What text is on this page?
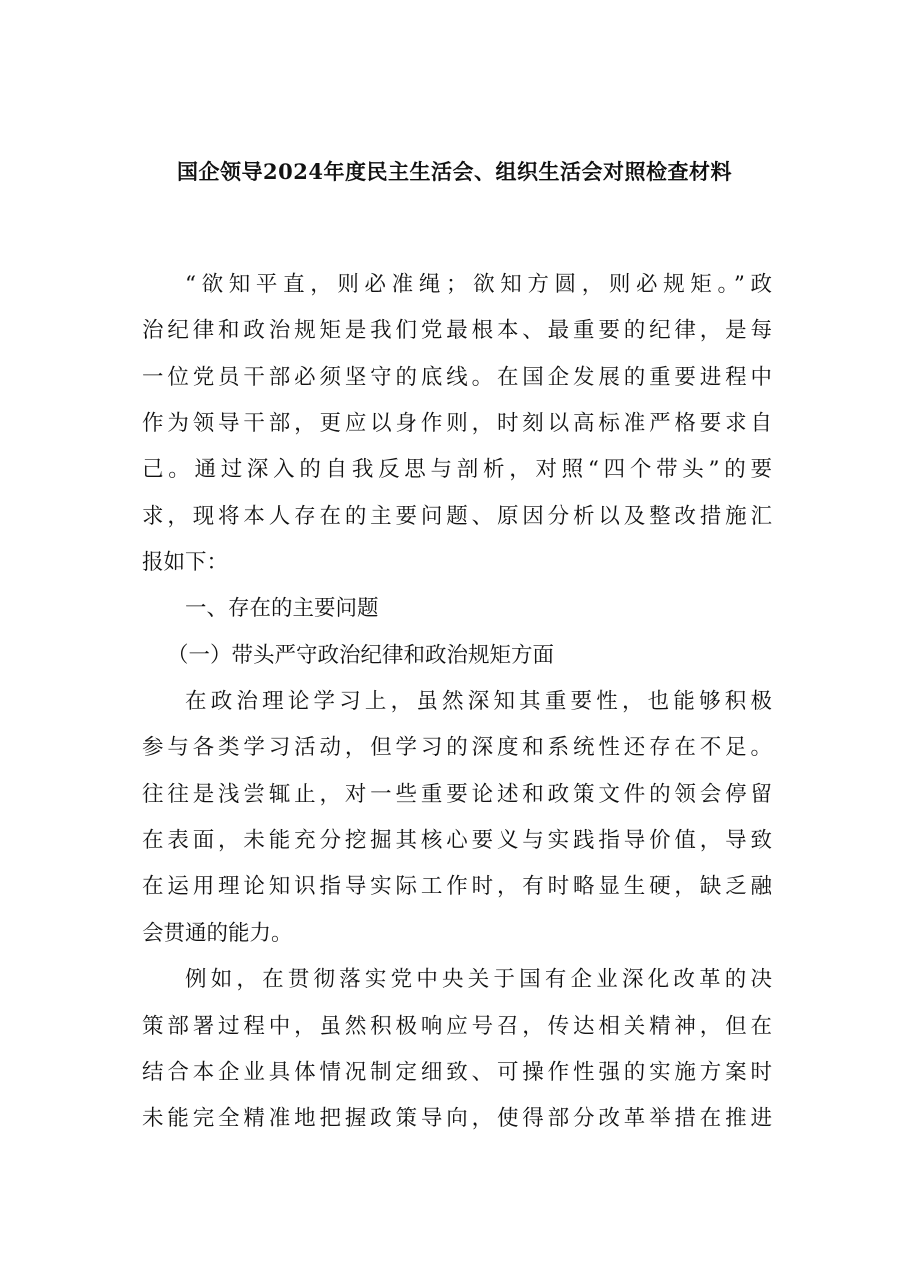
国企领导2024年度民主生活会、组织生活会对照检查材料
“欲知平直，则必准绳；欲知方圆，则必规矩。”政
治纪律和政治规矩是我们党最根本、最重要的纪律，是每
一位党员干部必须坚守的底线。在国企发展的重要进程中
作为领导干部，更应以身作则，时刻以高标准严格要求自
己。通过深入的自我反思与剖析，对照“四个带头”的要
求，现将本人存在的主要问题、原因分析以及整改措施汇
报如下：
一、存在的主要问题
（一）带头严守政治纪律和政治规矩方面
在政治理论学习上，虽然深知其重要性，也能够积极
参与各类学习活动，但学习的深度和系统性还存在不足。
往往是浅尝辄止，对一些重要论述和政策文件的领会停留
在表面，未能充分挖掘其核心要义与实践指导价值，导致
在运用理论知识指导实际工作时，有时略显生硬，缺乏融
会贯通的能力。
例如，在贯彻落实党中央关于国有企业深化改革的决
策部署过程中，虽然积极响应号召，传达相关精神，但在
结合本企业具体情况制定细致、可操作性强的实施方案时
未能完全精准地把握政策导向，使得部分改革举措在推进
